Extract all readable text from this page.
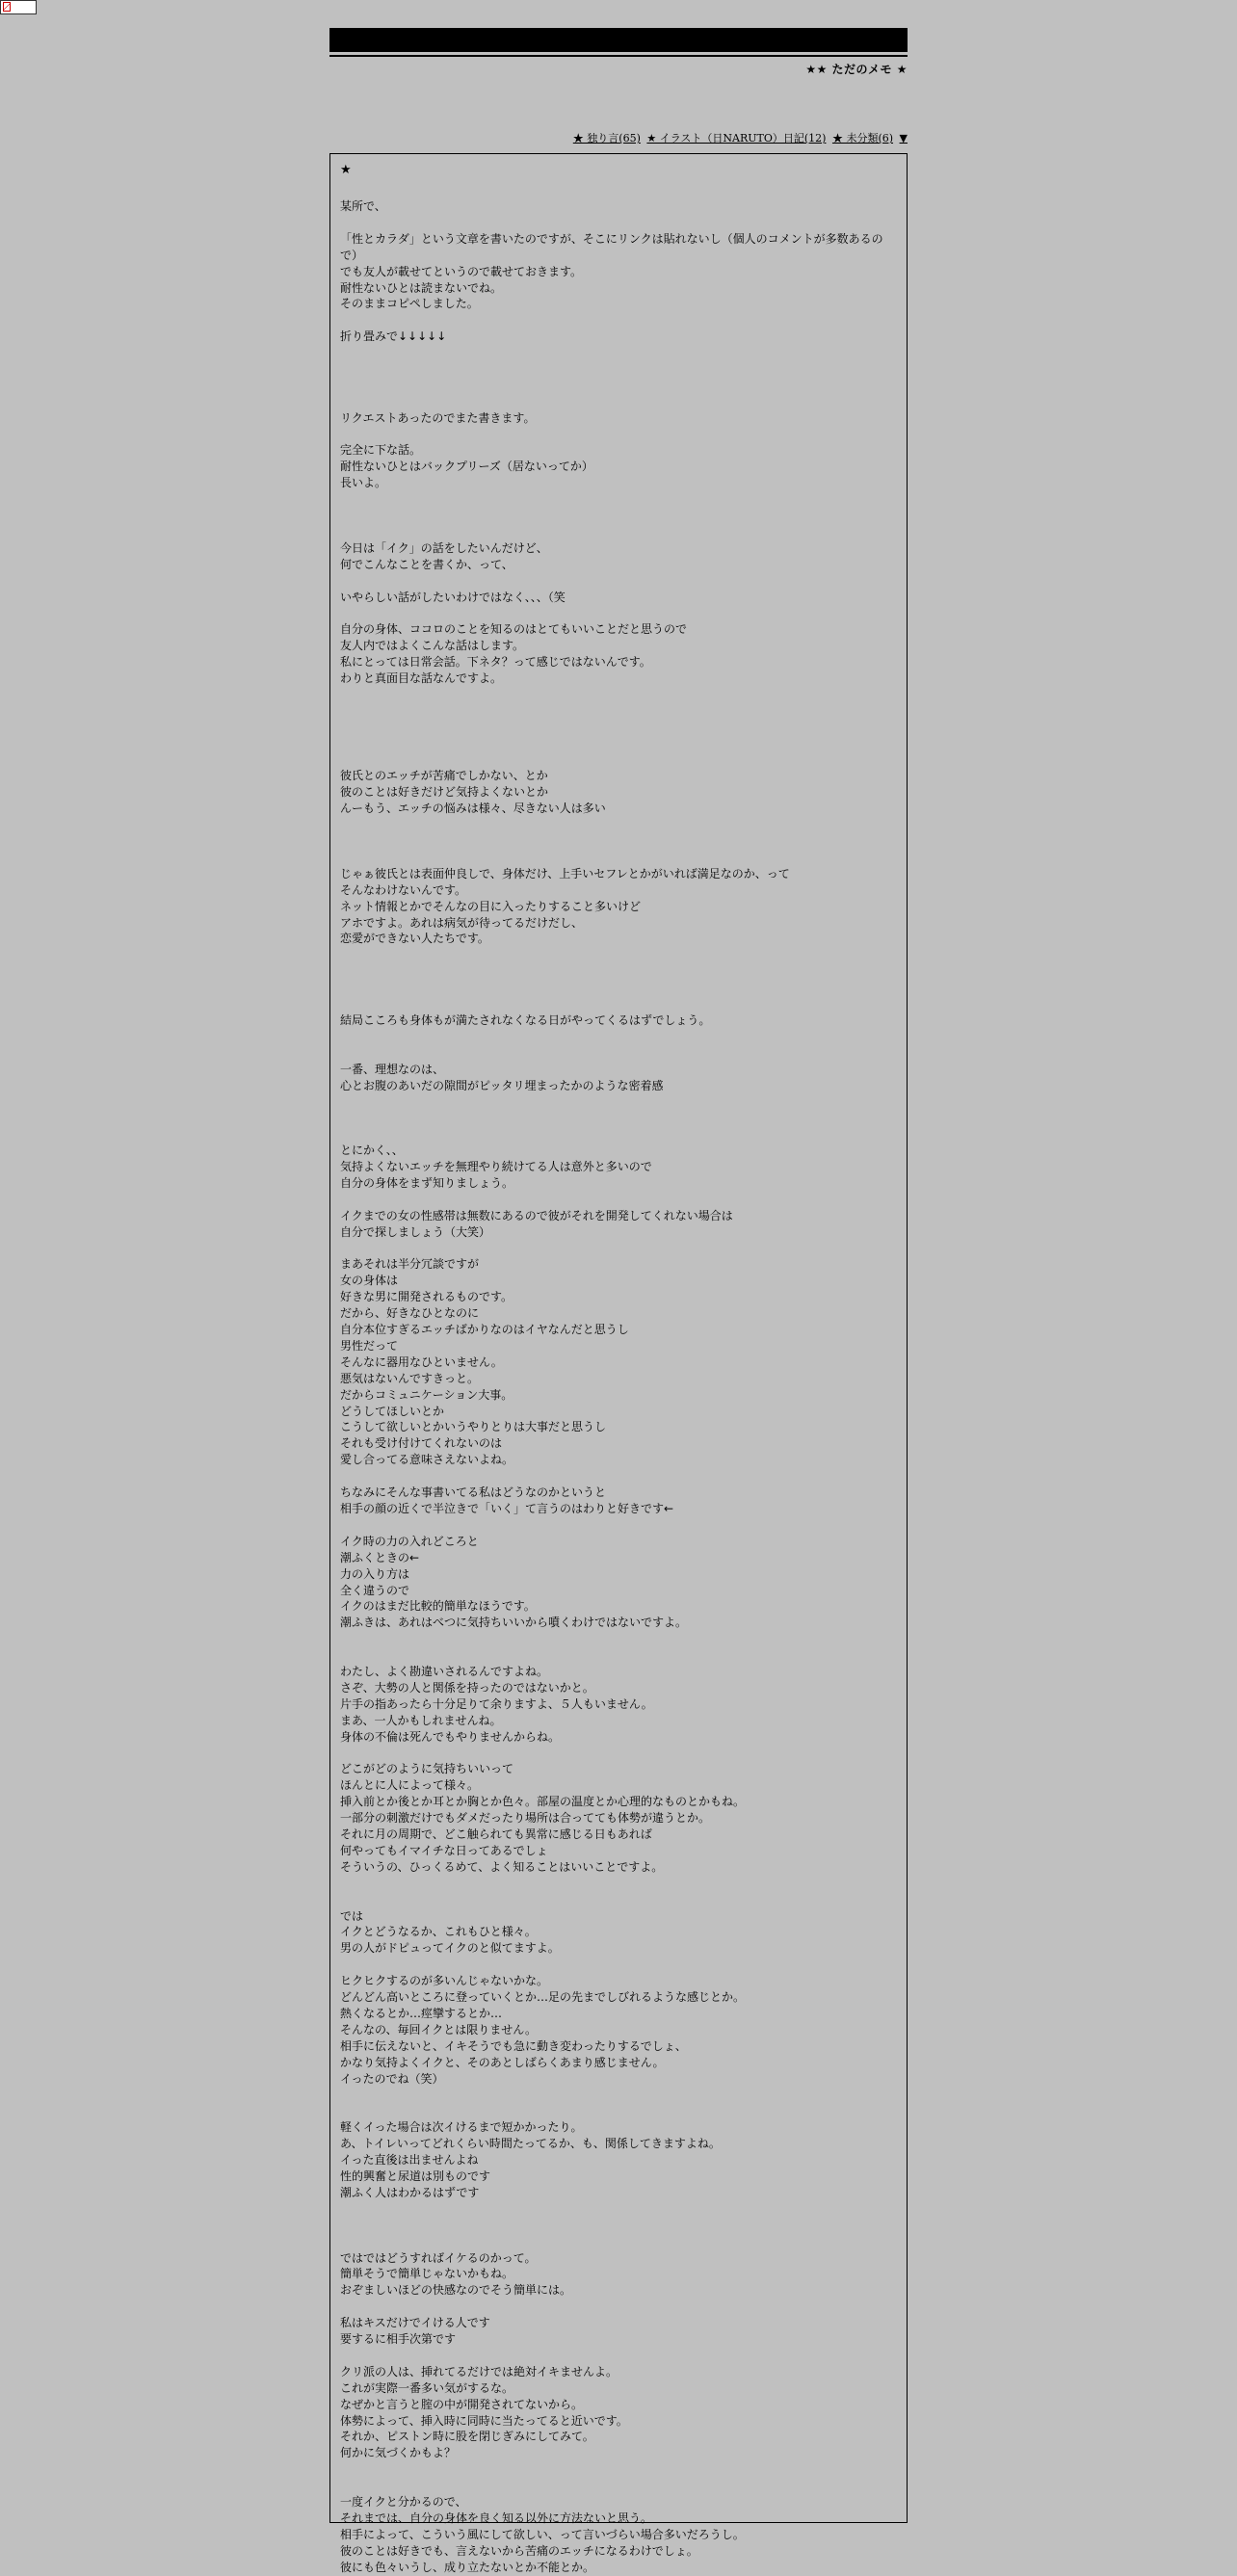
★★ ただのメモ ★
★ 独り言(65) ★ イラスト（日NARUTO）日記(12) ★ 未分類(6) ▼
★
某所で、
「性とカラダ」という文章を書いたのですが、そこにリンクは貼れないし（個人のコメントが多数あるので）
でも友人が載せてというので載せておきます。
耐性ないひとは読まないでね。
そのままコピペしました。
折り畳みで↓↓↓↓↓
リクエストあったのでまた書きます。
完全に下な話。
耐性ないひとはバックプリーズ（居ないってか）
長いよ。
今日は「イク」の話をしたいんだけど、
何でこんなことを書くか、って、
いやらしい話がしたいわけではなく、、、（笑
自分の身体、ココロのことを知るのはとてもいいことだと思うので
友人内ではよくこんな話はします。
私にとっては日常会話。下ネタ？って感じではないんです。
わりと真面目な話なんですよ。
彼氏とのエッチが苦痛でしかない、とか
彼のことは好きだけど気持よくないとか
んーもう、エッチの悩みは様々、尽きない人は多い
じゃぁ彼氏とは表面仲良しで、身体だけ、上手いセフレとかがいれば満足なのか、って
そんなわけないんです。
ネット情報とかでそんなの目に入ったりすること多いけど
アホですよ。あれは病気が待ってるだけだし、
恋愛ができない人たちです。
結局こころも身体もが満たされなくなる日がやってくるはずでしょう。
一番、理想なのは、
心とお腹のあいだの隙間がピッタリ埋まったかのような密着感
とにかく、、
気持よくないエッチを無理やり続けてる人は意外と多いので
自分の身体をまず知りましょう。
イクまでの女の性感帯は無数にあるので彼がそれを開発してくれない場合は
自分で探しましょう（大笑）
まあそれは半分冗談ですが
女の身体は
好きな男に開発されるものです。
だから、好きなひとなのに
自分本位すぎるエッチばかりなのはイヤなんだと思うし
男性だって
そんなに器用なひといません。
悪気はないんですきっと。
だからコミュニケーション大事。
どうしてほしいとか
こうして欲しいとかいうやりとりは大事だと思うし
それも受け付けてくれないのは
愛し合ってる意味さえないよね。
ちなみにそんな事書いてる私はどうなのかというと
相手の顔の近くで半泣きで「いく」て言うのはわりと好きです←
イク時の力の入れどころと
潮ふくときの←
力の入り方は
全く違うので
イクのはまだ比較的簡単なほうです。
潮ふきは、あれはべつに気持ちいいから噴くわけではないですよ。
わたし、よく勘違いされるんですよね。
さぞ、大勢の人と関係を持ったのではないかと。
片手の指あったら十分足りて余りますよ、５人もいません。
まあ、一人かもしれませんね。
身体の不倫は死んでもやりませんからね。
どこがどのように気持ちいいって
ほんとに人によって様々。
挿入前とか後とか耳とか胸とか色々。部屋の温度とか心理的なものとかもね。
一部分の刺激だけでもダメだったり場所は合ってても体勢が違うとか。
それに月の周期で、どこ触られても異常に感じる日もあれば
何やってもイマイチな日ってあるでしょ
そういうの、ひっくるめて、よく知ることはいいことですよ。
では
イクとどうなるか、これもひと様々。
男の人がドピュってイクのと似てますよ。
ヒクヒクするのが多いんじゃないかな。
どんどん高いところに登っていくとか…足の先までしびれるような感じとか。
熱くなるとか…痙攣するとか…
そんなの、毎回イクとは限りません。
相手に伝えないと、イキそうでも急に動き変わったりするでしょ、
かなり気持よくイクと、そのあとしばらくあまり感じません。
イったのでね（笑）
軽くイった場合は次イけるまで短かかったり。
あ、トイレいってどれくらい時間たってるか、も、関係してきますよね。
イった直後は出ませんよね
性的興奮と尿道は別ものです
潮ふく人はわかるはずです
ではではどうすればイケるのかって。
簡単そうで簡単じゃないかもね。
おぞましいほどの快感なのでそう簡単には。
私はキスだけでイける人です
要するに相手次第です
クリ派の人は、挿れてるだけでは絶対イキませんよ。
これが実際一番多い気がするな。
なぜかと言うと腟の中が開発されてないから。
体勢によって、挿入時に同時に当たってると近いです。
それか、ピストン時に股を閉じぎみにしてみて。
何かに気づくかもよ？
一度イクと分かるので、
それまでは、自分の身体を良く知る以外に方法ないと思う。
相手によって、こういう風にして欲しい、って言いづらい場合多いだろうし。
彼のことは好きでも、言えないから苦痛のエッチになるわけでしょ。
彼にも色々いうし、成り立たないとか不能とか。
